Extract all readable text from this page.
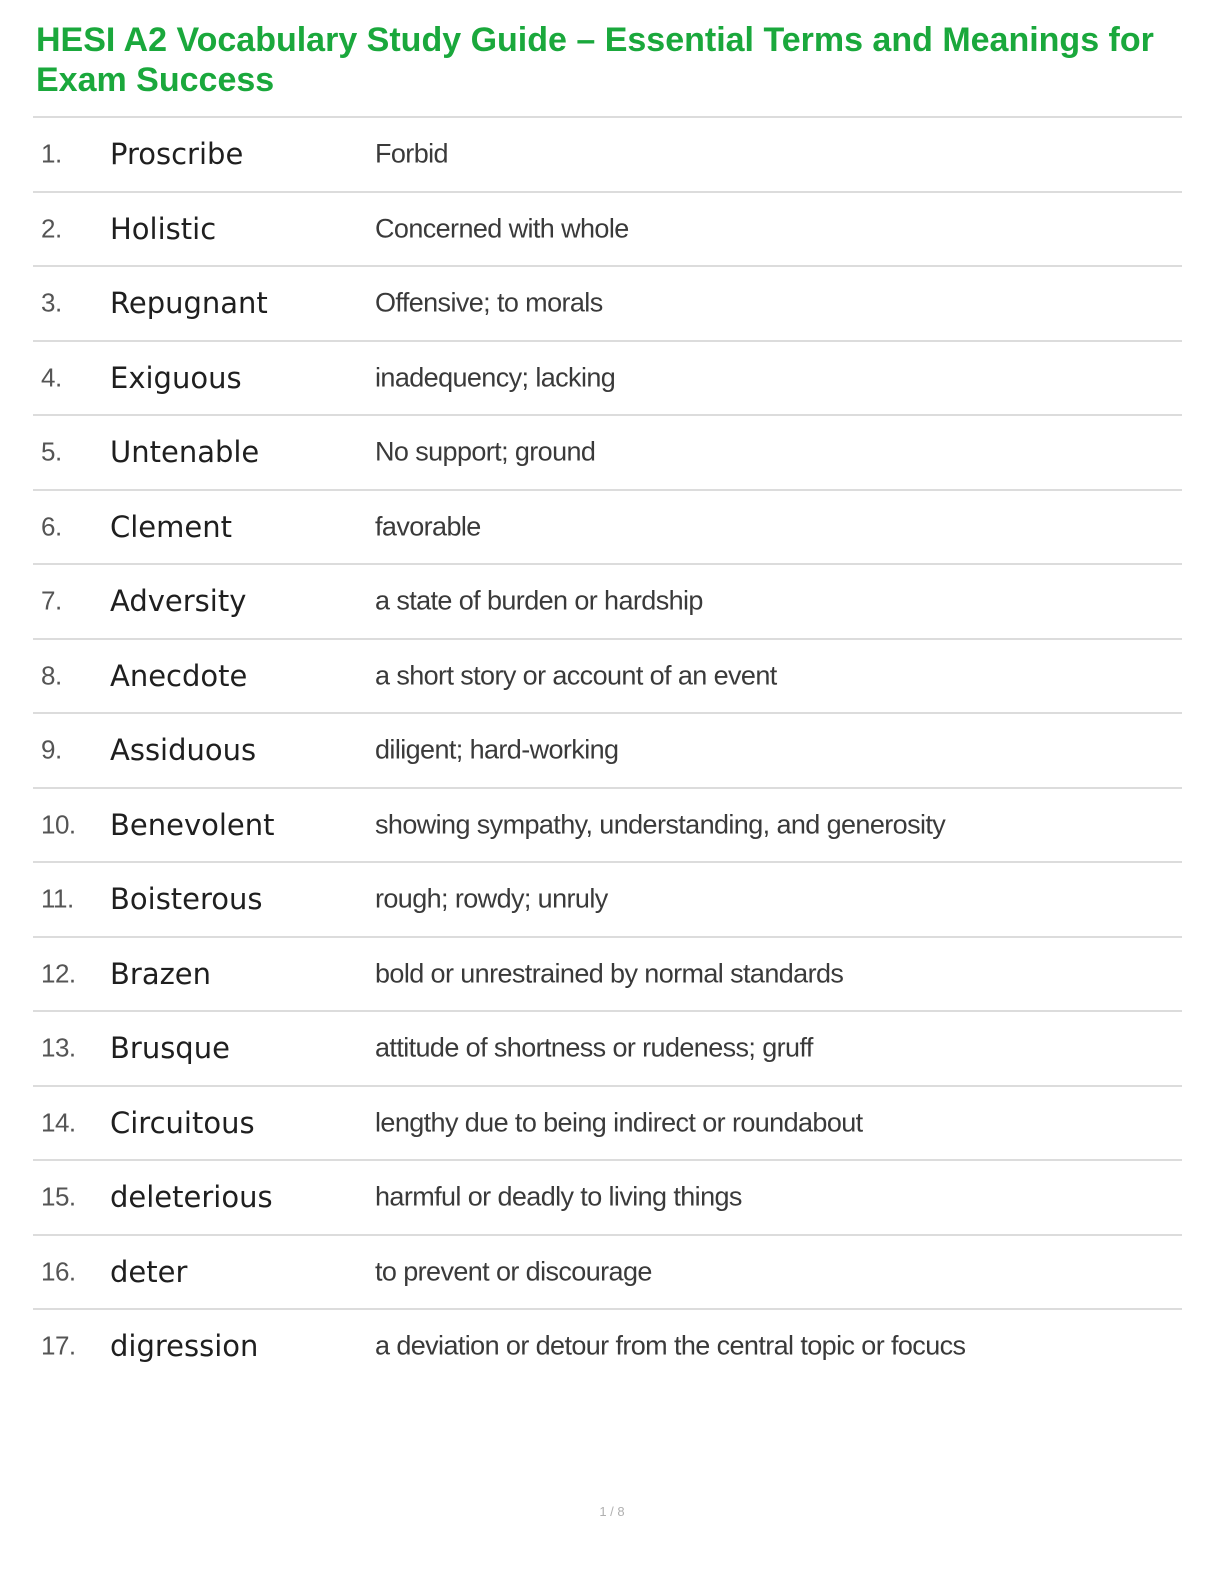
HESI A2 Vocabulary Study Guide – Essential Terms and Meanings for Exam Success
1. Proscribe	Forbid
2. Holistic	Concerned with whole
3. Repugnant	Offensive; to morals
4. Exiguous	inadequency; lacking
5. Untenable	No support; ground
6. Clement	favorable
7. Adversity	a state of burden or hardship
8. Anecdote	a short story or account of an event
9. Assiduous	diligent; hard-working
10. Benevolent	showing sympathy, understanding, and generosity
11. Boisterous	rough; rowdy; unruly
12. Brazen	bold or unrestrained by normal standards
13. Brusque	attitude of shortness or rudeness; gruff
14. Circuitous	lengthy due to being indirect or roundabout
15. deleterious	harmful or deadly to living things
16. deter	to prevent or discourage
17. digression	a deviation or detour from the central topic or focucs
1 / 8
